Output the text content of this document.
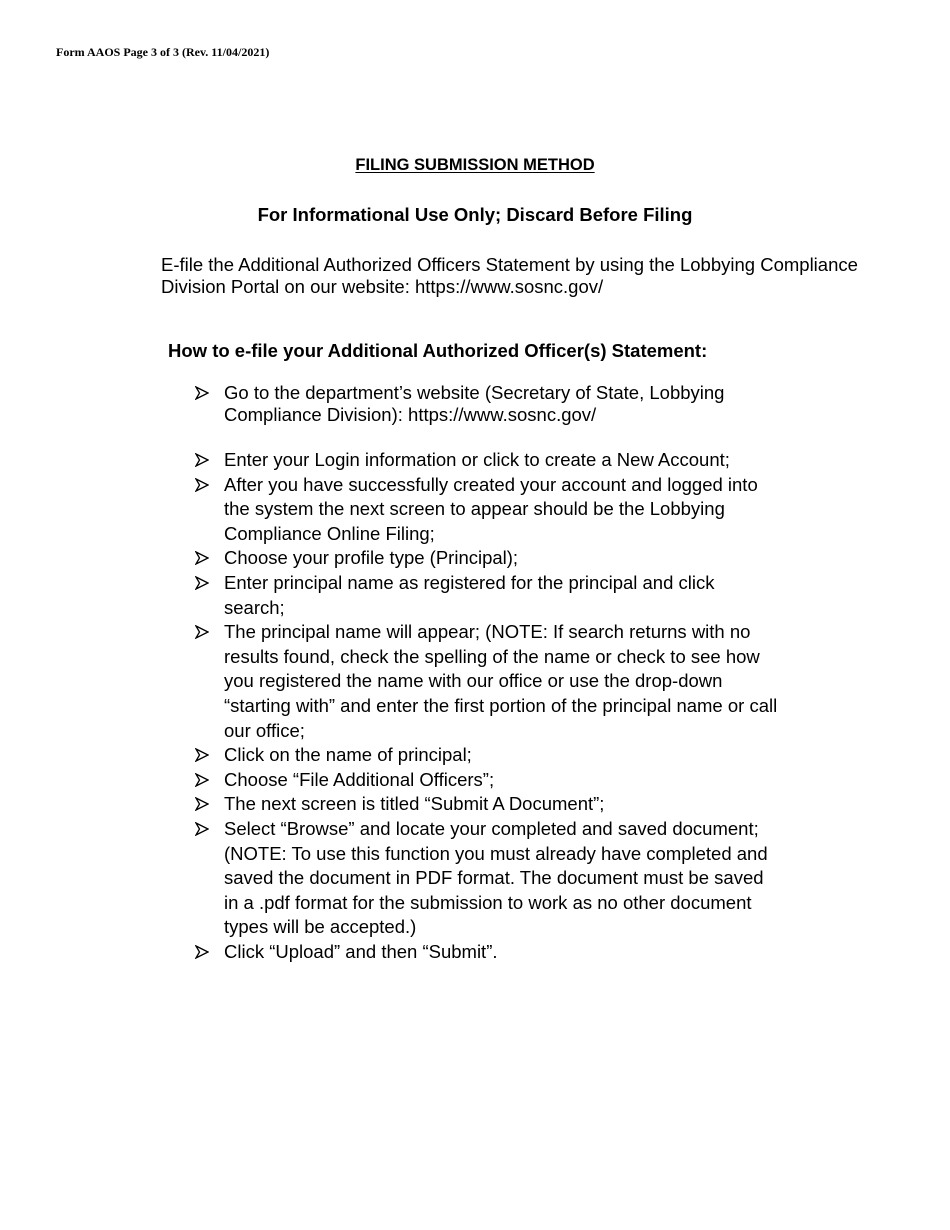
Form AAOS Page 3 of 3 (Rev. 11/04/2021)
FILING SUBMISSION METHOD
For Informational Use Only; Discard Before Filing

E-file the Additional Authorized Officers Statement by using the Lobbying Compliance

Division Portal on our website: https://www.sosnc.gov/

How to e-file your Additional Authorized Officer(s) Statement:
Go to the department’s website (Secretary of State, Lobbying
Compliance Division): https://www.sosnc.gov/
Enter your Login information or click to create a New Account;
After you have successfully created your account and logged into
the system the next screen to appear should be the Lobbying
Compliance Online Filing;
Choose your profile type (Principal);
Enter principal name as registered for the principal and click
search;
The principal name will appear; (NOTE: If search returns with no
results found, check the spelling of the name or check to see how
you registered the name with our office or use the drop-down
“starting with” and enter the first portion of the principal name or call
our office;
Click on the name of principal;
Choose “File Additional Officers”;
The next screen is titled “Submit A Document”;
Select “Browse” and locate your completed and saved document;
(NOTE: To use this function you must already have completed and
saved the document in PDF format. The document must be saved
in a .pdf format for the submission to work as no other document
types will be accepted.)
Click “Upload” and then “Submit”.
